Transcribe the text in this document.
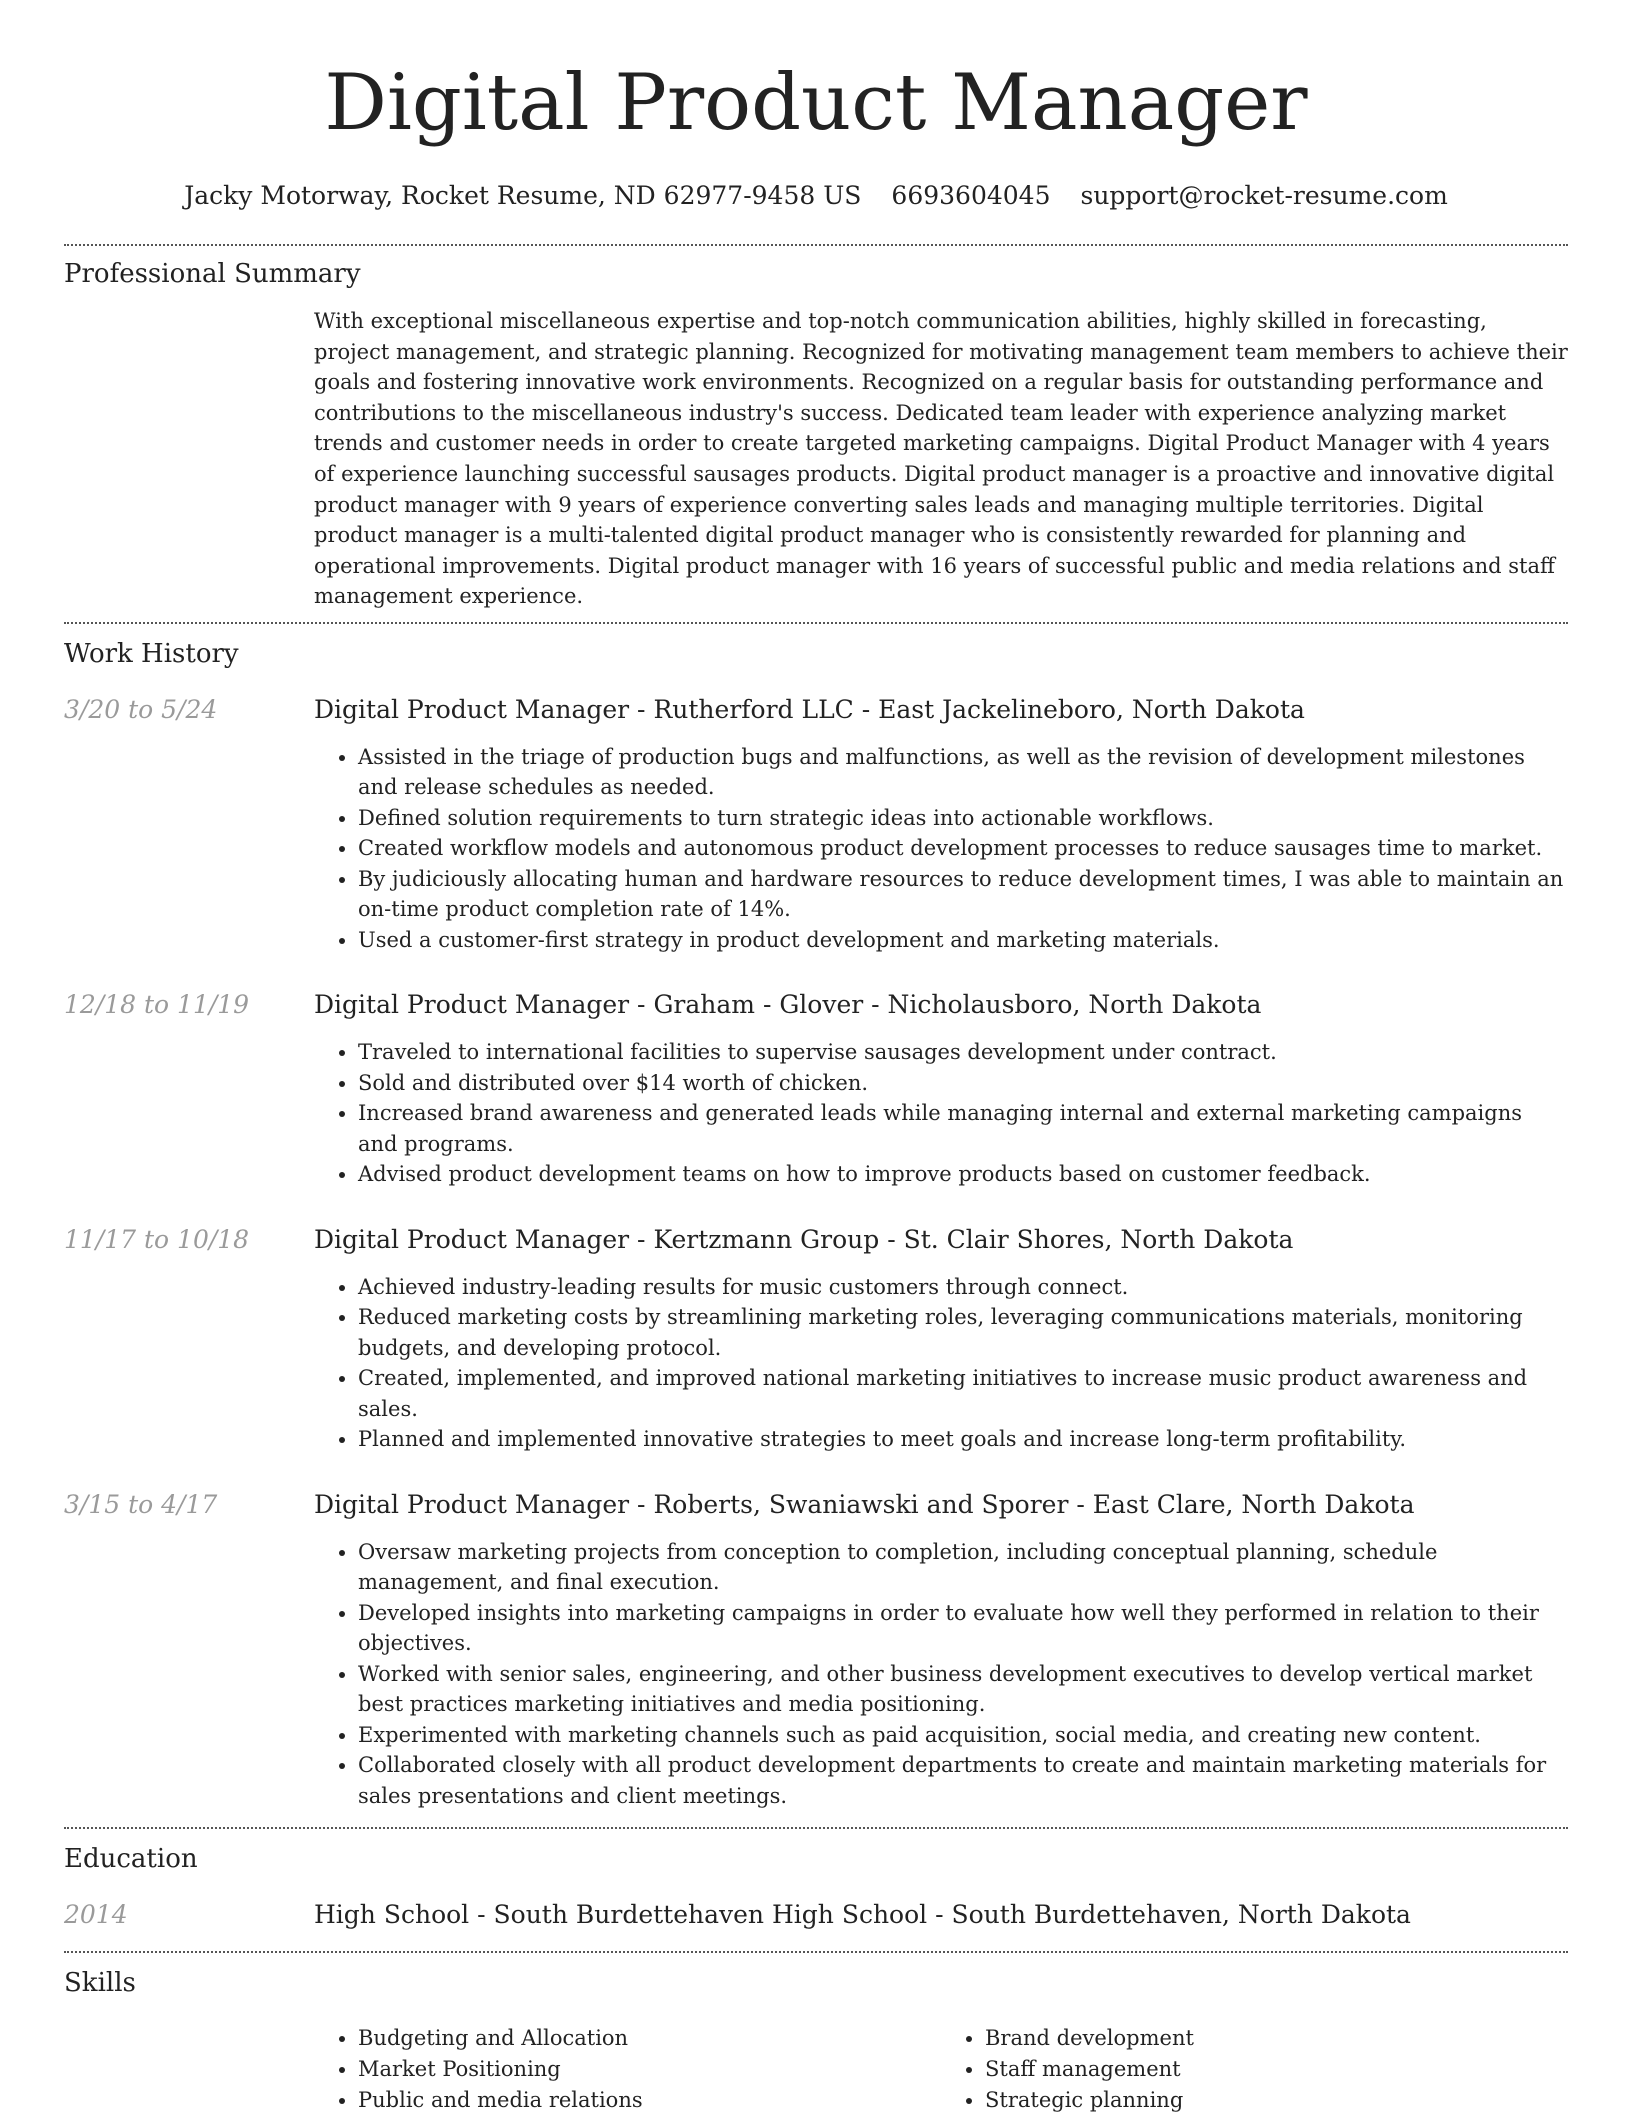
Digital Product Manager
Jacky Motorway, Rocket Resume, ND 62977-9458 US 6693604045 support@rocket-resume.com
Professional Summary

With exceptional miscellaneous expertise and top-notch communication abilities, highly skilled in forecasting, project management, and strategic planning. Recognized for motivating management team members to achieve their goals and fostering innovative work environments. Recognized on a regular basis for outstanding performance and contributions to the miscellaneous industry's success. Dedicated team leader with experience analyzing market trends and customer needs in order to create targeted marketing campaigns. Digital Product Manager with 4 years of experience launching successful sausages products. Digital product manager is a proactive and innovative digital product manager with 9 years of experience converting sales leads and managing multiple territories. Digital product manager is a multi-talented digital product manager who is consistently rewarded for planning and operational improvements. Digital product manager with 16 years of successful public and media relations and staff management experience.

Work History
3/20 to 5/24	Digital Product Manager - Rutherford LLC - East Jackelineboro, North Dakota
• Assisted in the triage of production bugs and malfunctions, as well as the revision of development milestones and release schedules as needed.
• Defined solution requirements to turn strategic ideas into actionable workflows.
• Created workflow models and autonomous product development processes to reduce sausages time to market.
• By judiciously allocating human and hardware resources to reduce development times, I was able to maintain an on-time product completion rate of 14%.
• Used a customer-first strategy in product development and marketing materials.
12/18 to 11/19	Digital Product Manager - Graham - Glover - Nicholausboro, North Dakota
• Traveled to international facilities to supervise sausages development under contract.
• Sold and distributed over $14 worth of chicken.
• Increased brand awareness and generated leads while managing internal and external marketing campaigns and programs.
• Advised product development teams on how to improve products based on customer feedback.
11/17 to 10/18	Digital Product Manager - Kertzmann Group - St. Clair Shores, North Dakota
• Achieved industry-leading results for music customers through connect.
• Reduced marketing costs by streamlining marketing roles, leveraging communications materials, monitoring budgets, and developing protocol.
• Created, implemented, and improved national marketing initiatives to increase music product awareness and sales.
• Planned and implemented innovative strategies to meet goals and increase long-term profitability.
3/15 to 4/17	Digital Product Manager - Roberts, Swaniawski and Sporer - East Clare, North Dakota
• Oversaw marketing projects from conception to completion, including conceptual planning, schedule management, and final execution.
• Developed insights into marketing campaigns in order to evaluate how well they performed in relation to their objectives.
• Worked with senior sales, engineering, and other business development executives to develop vertical market best practices marketing initiatives and media positioning.
• Experimented with marketing channels such as paid acquisition, social media, and creating new content.
• Collaborated closely with all product development departments to create and maintain marketing materials for sales presentations and client meetings.
Education
2014	High School - South Burdettehaven High School - South Burdettehaven, North Dakota
Skills
• Budgeting and Allocation
• Market Positioning
• Public and media relations
• Brand development
• Staff management
• Strategic planning
